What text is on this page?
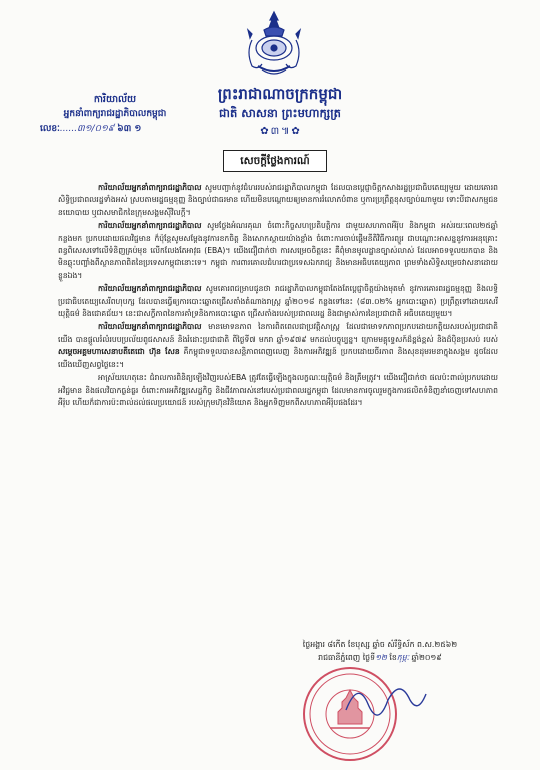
ព្រះរាជាណាចក្រកម្ពុជា
ជាតិ សាសនា ព្រះមហាក្សត្រ
✿៣៕✿
ការិយាល័យ
អ្នកនាំពាក្យរាជរដ្ឋាភិបាលកម្ពុជា
លេខៈ......៣១/០១៩ ៦៣ ១
សេចក្តីថ្លែងការណ៍

ការិយាល័យអ្នកនាំពាក្យរាជរដ្ឋាភិបាល សូមបញ្ជាក់នូវជំហររបស់រាជរដ្ឋាភិបាលកម្ពុជា ដែលបានប្តេជ្ញាចិត្តកសាងរដ្ឋប្រជាធិបតេយ្យមួយ ដោយគោរពសិទ្ធិប្រជាពលរដ្ឋទាំងអស់ ស្របតាមរដ្ឋធម្មនុញ្ញ និងច្បាប់ជាធរមាន ហើយមិនបណ្តោយឲ្យមានការរំលោភបំពាន ឬការប្រព្រឹត្តខុសច្បាប់ណាមួយ ទោះបីជាសកម្មជននយោបាយ ឬជាសមាជិកនៃក្រុមសង្គមស៊ីវិលក្តី។

ការិយាល័យអ្នកនាំពាក្យរាជរដ្ឋាភិបាល សូមថ្លែងអំណរគុណ ចំពោះកិច្ចសហប្រតិបត្តិការ ជាមួយសហភាពអឺរ៉ុប និងកម្ពុជា អស់រយៈពេល២៥ឆ្នាំកន្លងមក ប្រកបដោយផលវិជ្ជមាន ក៏ប៉ុន្តែសូមសម្តែងនូវការខកចិត្ត និងសោកស្តាយយ៉ាងខ្លាំង ចំពោះការចាប់ផ្តើមនីតិវិធីការព្យួរ ជាបណ្តោះអាសន្ននូវការអនុគ្រោះពន្ធពិសេសទៅលើទំនិញគ្រប់មុខ លើកលែងតែអាវុធ (EBA)។ យើងជឿជាក់ថា ការសម្រេចចិត្តនេះ គឺពុំមានមូលដ្ឋានច្បាស់លាស់ ដែលអាចទទួលយកបាន និងមិនឆ្លុះបញ្ចាំងពីស្ថានភាពពិតនៃប្រទេសកម្ពុជានោះទេ។ កម្ពុជា ការពារគោលជំហរជាប្រទេសឯករាជ្យ និងមានអធិបតេយ្យភាព ព្រមទាំងសិទ្ធិសម្រេចវាសនាដោយខ្លួនឯង។

ការិយាល័យអ្នកនាំពាក្យរាជរដ្ឋាភិបាល សូមគោរពជម្រាបជូនថា រាជរដ្ឋាភិបាលកម្ពុជាតែងតែប្តេជ្ញាចិត្តយ៉ាងមុតមាំ នូវការគោរពរដ្ឋធម្មនុញ្ញ និងលទ្ធិប្រជាធិបតេយ្យសេរីពហុបក្ស ដែលបានធ្វើឲ្យការបោះឆ្នោតជ្រើសតាំងតំណាងរាស្ត្រ ឆ្នាំ២០១៨ កន្លងទៅនេះ (៨៣.០២% អ្នកបោះឆ្នោត) ប្រព្រឹត្តទៅដោយសេរី យុត្តិធម៌ និងជោគជ័យ។ នេះជាសក្ខីភាពនៃការគាំទ្រនិងការបោះឆ្នោត ជ្រើសតាំងរបស់ប្រជាពលរដ្ឋ និងជាម្ចាស់ការនៃប្រជាជាតិ អធិបតេយ្យមួយ។

ការិយាល័យអ្នកនាំពាក្យរាជរដ្ឋាភិបាល មានមោទនភាព នៃការពិតពេលជាប្រវត្តិសាស្ត្រ ដែលជាមោទកភាពប្រកបដោយកត្តិយសរបស់ប្រជាជាតិយើង បានផ្ដួលរំលំរបបប្រល័យពូជសាសន៍ និងរំដោះប្រជាជាតិ ពីថ្ងៃទី៧ មករា ឆ្នាំ១៩៧៩ មកដល់បច្ចុប្បន្ន។ ក្រោមមគ្គុទ្ទេសក៍ដ៏ខ្ពង់ខ្ពស់ និងដ៏ប៉ិនប្រសប់ របស់ សម្តេចអគ្គមហាសេនាបតីតេជោ ហ៊ុន សែន គឺកម្ពុជាទទួលបានសន្តិភាពពេញលេញ និងការអភិវឌ្ឍន៍ ប្រកបដោយចីរភាព និងសុខដុមរមនាក្នុងសង្គម ដូចដែលយើងឃើញសព្វថ្ងៃនេះ។

អាស្រ័យហេតុនេះ ជំរាលការពិនិត្យឡើងវិញរបស់EBA ត្រូវតែធ្វើឡើងក្នុងលក្ខណៈយុត្តិធម៌ និងត្រឹមត្រូវ។ យើងជឿជាក់ថា ផលប៉ះពាល់ប្រកបដោយអវិជ្ជមាន និងផលវិបាកធ្ងន់ធ្ងរ ចំពោះការអភិវឌ្ឍសេដ្ឋកិច្ច និងជីវភាពរស់នៅរបស់ប្រជាពលរដ្ឋកម្ពុជា ដែលមានការចូលរួមក្នុងការផលិតទំនិញនាំចេញទៅសហភាពអឺរ៉ុប ហើយក៏ជាការប៉ះពាល់ដល់ផលប្រយោជន៍ របស់ក្រុមហ៊ុនវិនិយោគ និងអ្នកទិញមកពីសហភាពអឺរ៉ុបផងដែរ។

ថ្ងៃអង្គារ ៨កើត ខែបុស្ស ឆ្នាំច សំរឹទ្ធិស័ក ព.ស.២៥៦២
រាជធានីភ្នំពេញ ថ្ងៃទី១២ ខែកុម្ភៈ ឆ្នាំ២០១៩
